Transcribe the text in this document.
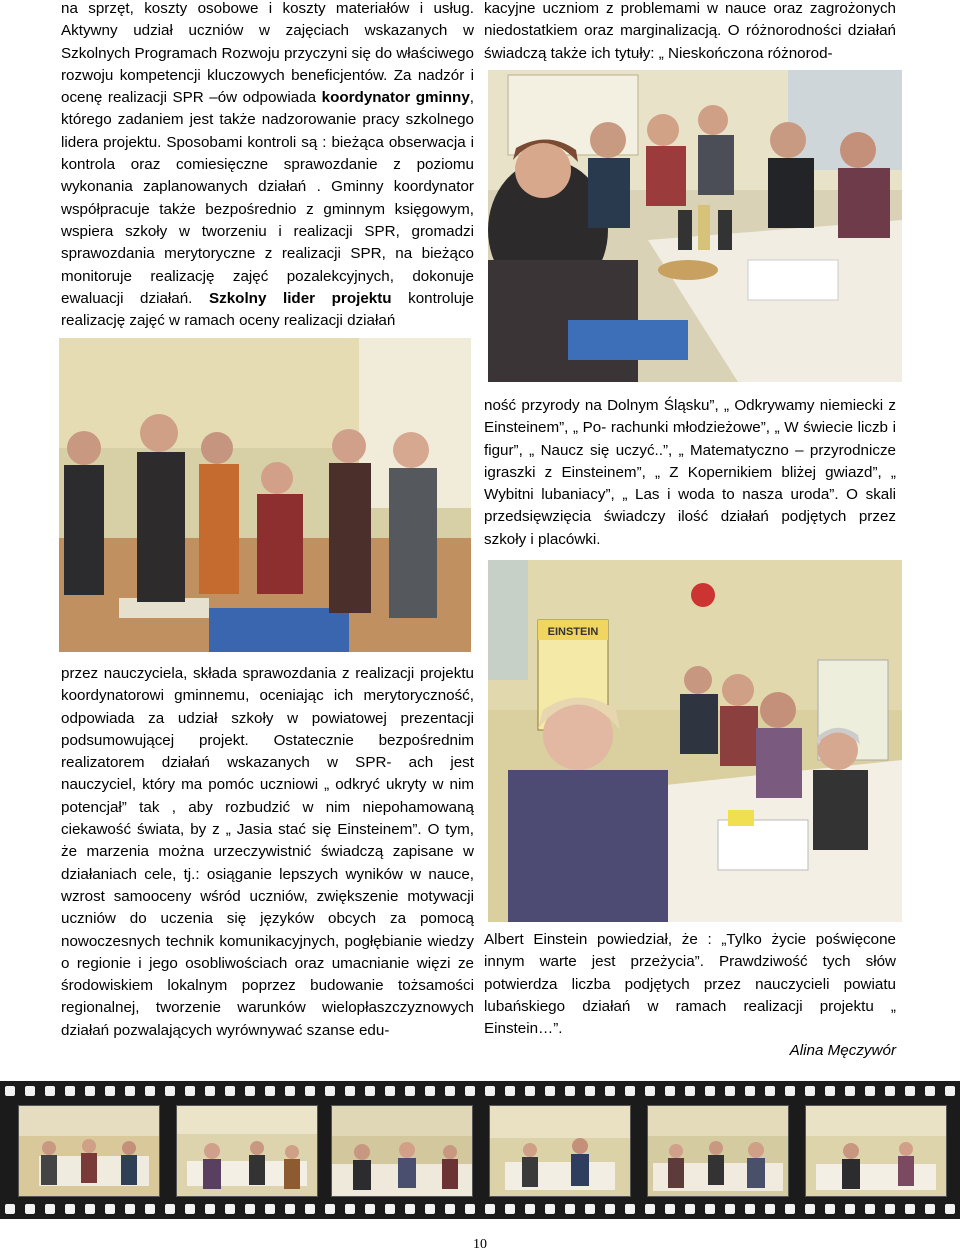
na sprzęt, koszty osobowe i koszty materiałów i usług. Aktywny udział uczniów w zajęciach wskazanych w Szkolnych Programach Rozwoju przyczyni się do właściwego rozwoju kompetencji kluczowych beneficjentów. Za nadzór i ocenę realizacji SPR –ów odpowiada koordynator gminny, którego zadaniem jest także nadzorowanie pracy szkolnego lidera projektu. Sposobami kontroli są : bieżąca obserwacja i kontrola oraz comiesięczne sprawozdanie z poziomu wykonania zaplanowanych działań . Gminny koordynator współpracuje także bezpośrednio z gminnym księgowym, wspiera szkoły w tworzeniu i realizacji SPR, gromadzi sprawozdania merytoryczne z realizacji SPR, na bieżąco monitoruje realizację zajęć pozalekcyjnych, dokonuje ewaluacji działań. Szkolny lider projektu kontroluje realizację zajęć w ramach oceny realizacji działań

kacyjne uczniom z problemami w nauce oraz zagrożonych niedostatkiem oraz marginalizacją. O różnorodności działań świadczą także ich tytuły: „ Nieskończona różnorod-

ność przyrody na Dolnym Śląsku”, „ Odkrywamy niemiecki z Einsteinem”, „ Po- rachunki młodzieżowe”, „ W świecie liczb i figur”, „ Naucz się uczyć..”, „ Matematyczno – przyrodnicze igraszki z Einsteinem”, „ Z Kopernikiem bliżej gwiazd”, „ Wybitni lubaniacy”, „ Las i woda to nasza uroda”. O skali przedsięwzięcia świadczy ilość działań podjętych przez szkoły i placówki.

EINSTEIN

przez nauczyciela, składa sprawozdania z realizacji projektu koordynatorowi gminnemu, oceniając ich merytoryczność, odpowiada za udział szkoły w powiatowej prezentacji podsumowującej projekt. Ostatecznie bezpośrednim realizatorem działań wskazanych w SPR- ach jest nauczyciel, który ma pomóc uczniowi „ odkryć ukryty w nim potencjał” tak , aby rozbudzić w nim niepohamowaną ciekawość świata, by z „ Jasia stać się Einsteinem”. O tym, że marzenia można urzeczywistnić świadczą zapisane w działaniach cele, tj.: osiąganie lepszych wyników w nauce, wzrost samooceny wśród uczniów, zwiększenie motywacji uczniów do uczenia się języków obcych za pomocą nowoczesnych technik komunikacyjnych, pogłębianie wiedzy o regionie i jego osobliwościach oraz umacnianie więzi ze środowiskiem lokalnym poprzez budowanie tożsamości regionalnej, tworzenie warunków wielopłaszczyznowych działań pozwalających wyrównywać szanse edu-

Albert Einstein powiedział, że : „Tylko życie poświęcone innym warte jest przeżycia”. Prawdziwość tych słów potwierdza liczba podjętych przez nauczycieli powiatu lubańskiego działań w ramach realizacji projektu „ Einstein…”.

Alina Męczywór

10
